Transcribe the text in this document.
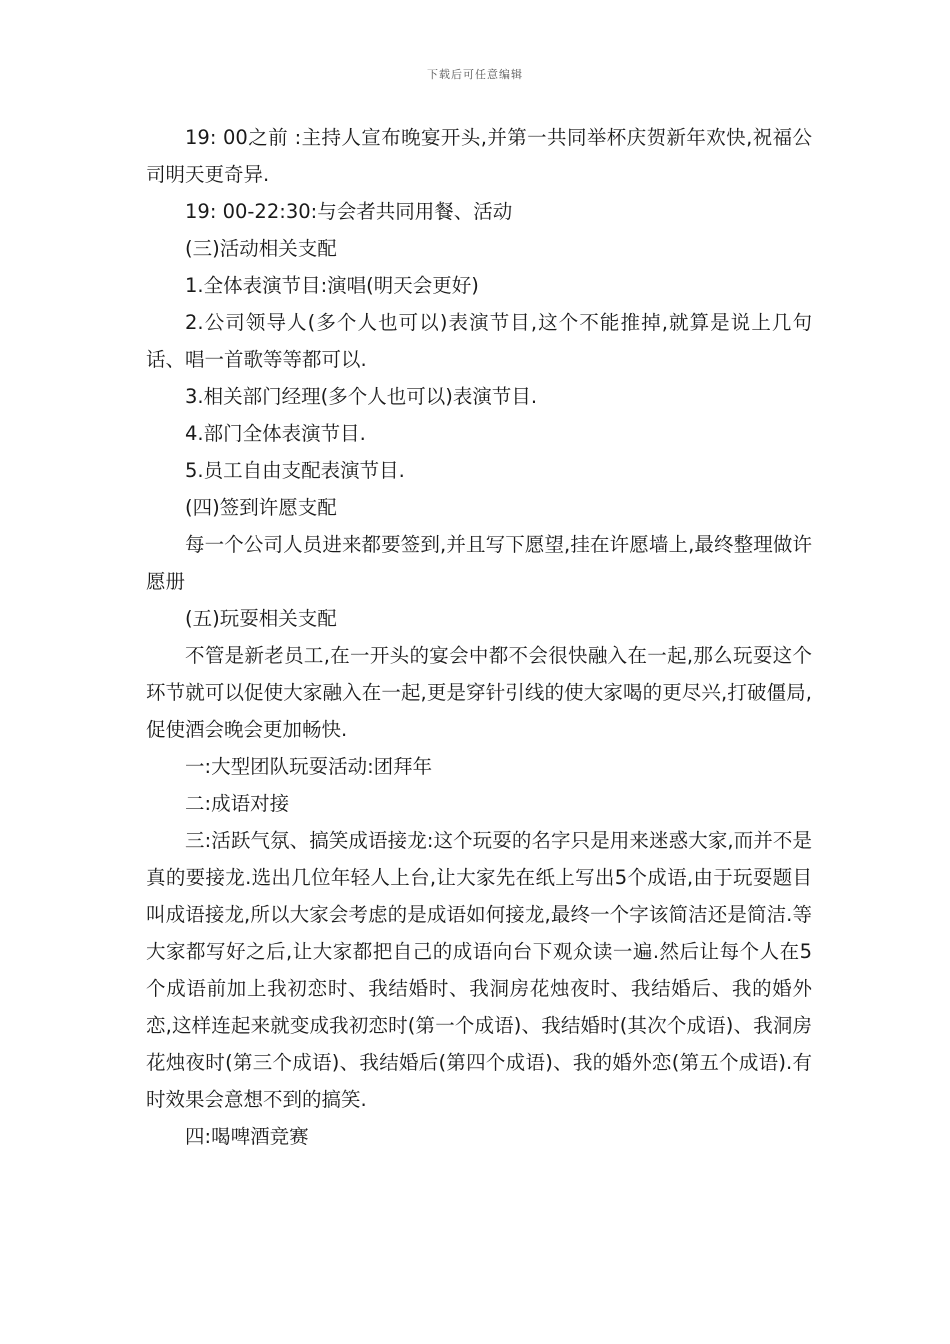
下载后可任意编辑

19: 00之前 :主持人宣布晚宴开头,并第一共同举杯庆贺新年欢快,祝福公司明天更奇异.

19: 00-22:30:与会者共同用餐、活动

(三)活动相关支配

1.全体表演节目:演唱(明天会更好)

2.公司领导人(多个人也可以)表演节目,这个不能推掉,就算是说上几句话、唱一首歌等等都可以.

3.相关部门经理(多个人也可以)表演节目.

4.部门全体表演节目.

5.员工自由支配表演节目.

(四)签到许愿支配

每一个公司人员进来都要签到,并且写下愿望,挂在许愿墙上,最终整理做许愿册

(五)玩耍相关支配

不管是新老员工,在一开头的宴会中都不会很快融入在一起,那么玩耍这个环节就可以促使大家融入在一起,更是穿针引线的使大家喝的更尽兴,打破僵局,促使酒会晚会更加畅快.

一:大型团队玩耍活动:团拜年

二:成语对接

三:活跃气氛、搞笑成语接龙:这个玩耍的名字只是用来迷惑大家,而并不是真的要接龙.选出几位年轻人上台,让大家先在纸上写出5个成语,由于玩耍题目叫成语接龙,所以大家会考虑的是成语如何接龙,最终一个字该简洁还是简洁.等大家都写好之后,让大家都把自己的成语向台下观众读一遍.然后让每个人在5个成语前加上我初恋时、我结婚时、我洞房花烛夜时、我结婚后、我的婚外恋,这样连起来就变成我初恋时(第一个成语)、我结婚时(其次个成语)、我洞房花烛夜时(第三个成语)、我结婚后(第四个成语)、我的婚外恋(第五个成语).有时效果会意想不到的搞笑.

四:喝啤酒竞赛
